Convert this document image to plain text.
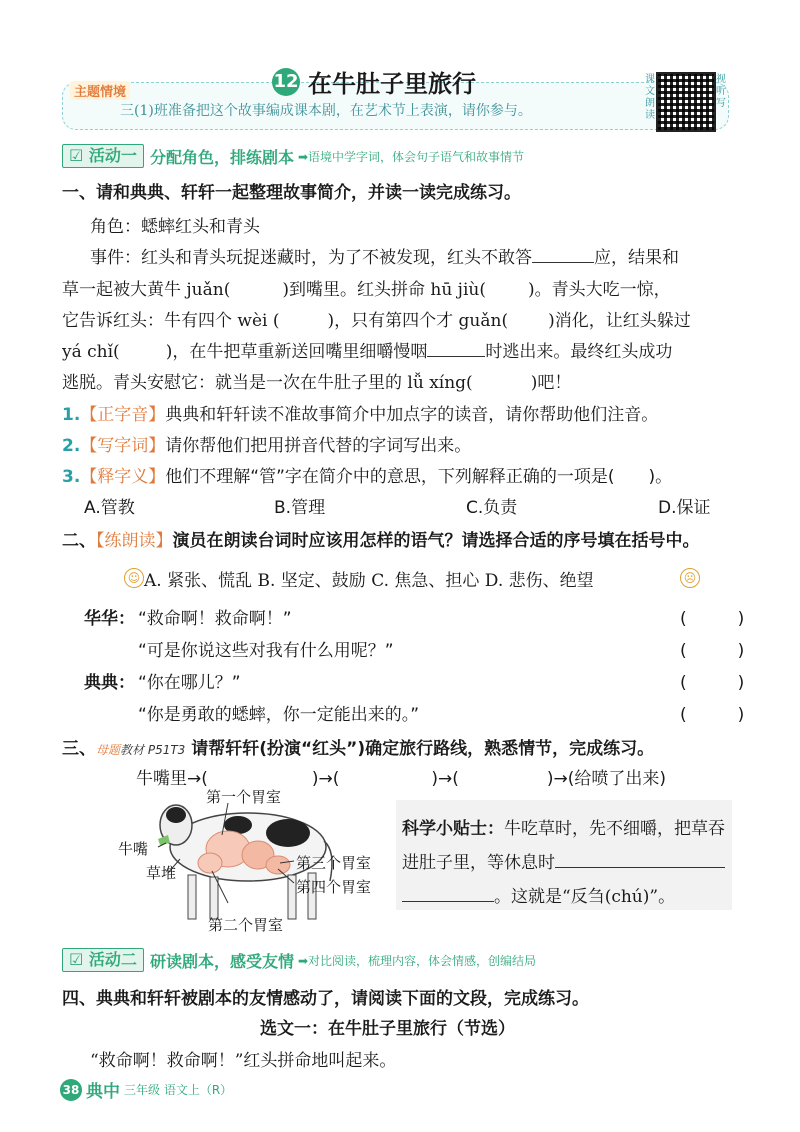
主题情境
三(1)班准备把这个故事编成课本剧，在艺术节上表演，请你参与。
12 在牛肚子里旅行	课文朗读
视听写
☑ 活动一 分配角色，排练剧本 ➡语境中学字词，体会句子语气和故事情节
一、请和典典、轩轩一起整理故事简介，并读一读完成练习。
角色：蟋蟀红头和青头
事件：红头和青头玩捉迷藏时，为了不被发现，红头不敢答	应，结果和
草一起被大黄牛 juǎn(	)到嘴里。红头拼命 hū jiù( )。青头大吃一惊，
它告诉红头：牛有四个 wèi (	)，只有第四个才 guǎn( )消化，让红头躲过
yá chǐ(	)，在牛把草重新送回嘴里细嚼慢咽	时逃出来。最终红头成功
逃脱。青头安慰它：就当是一次在牛肚子里的 lǚ xíng(	)吧！
1.【正字音】典典和轩轩读不准故事简介中加点字的读音，请你帮助他们注音。
2.【写字词】请你帮他们把用拼音代替的字词写出来。
3.【释字义】他们不理解“管”字在简介中的意思，下列解释正确的一项是(　　)。
A.管教	B.管理	C.负责	D.保证
二、【练朗读】演员在朗读台词时应该用怎样的语气？请选择合适的序号填在括号中。
☺ A. 紧张、慌乱 B. 坚定、鼓励 C. 焦急、担心 D. 悲伤、绝望	☹
华华： “救命啊！救命啊！”	(　　　)
“可是你说这些对我有什么用呢？”	(　　　)
典典： “你在哪儿？”	(　　　)
“你是勇敢的蟋蟀，你一定能出来的。”	(　　　)
三、母题教材 P51T3 请帮轩轩(扮演“红头”)确定旅行路线，熟悉情节，完成练习。
牛嘴里→(	)→(	)→(	)→(给喷了出来)
第一个胃室
牛嘴
草堆
第三个胃室
第四个胃室
第二个胃室
科学小贴士：牛吃草时，先不细嚼，把草吞
进肚子里，等休息时
。这就是“反刍(chú)”。
☑ 活动二 研读剧本，感受友情 ➡对比阅读，梳理内容，体会情感，创编结局
四、典典和轩轩被剧本的友情感动了，请阅读下面的文段，完成练习。
选文一：在牛肚子里旅行（节选）
“救命啊！救命啊！”红头拼命地叫起来。
38 典中 三年级 语文上（R）
